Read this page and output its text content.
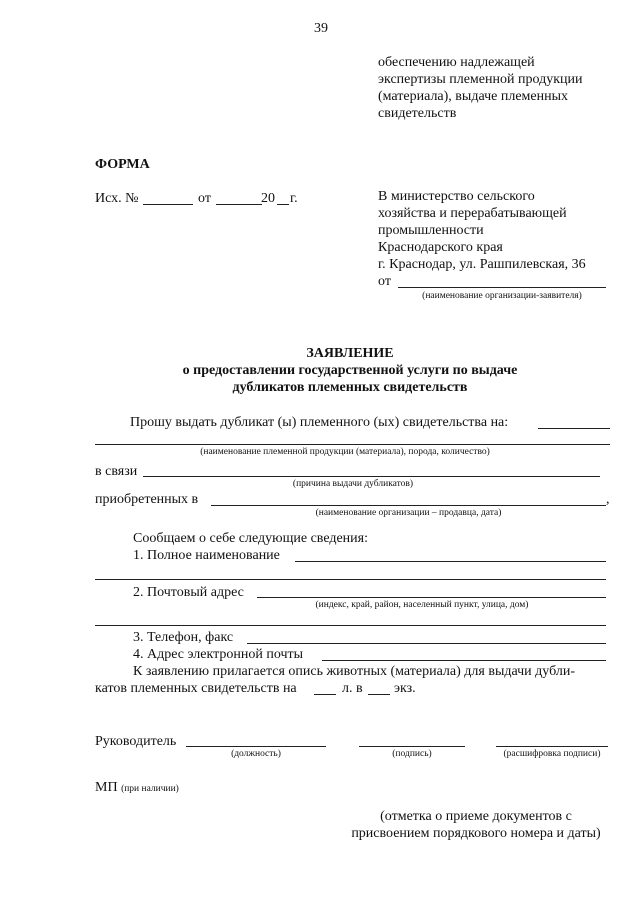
39
обеспечению надлежащей
экспертизы племенной продукции
(материала), выдаче племенных
свидетельств
ФОРМА
Исх. №	от	20 г.	В министерство сельского
хозяйства и перерабатывающей
промышленности
Краснодарского края
г. Краснодар, ул. Рашпилевская, 36
от
(наименование организации-заявителя)
ЗАЯВЛЕНИЕ
о предоставлении государственной услуги по выдаче
дубликатов племенных свидетельств
Прошу выдать дубликат (ы) племенного (ых) свидетельства на:
(наименование племенной продукции (материала), порода, количество)
в связи
(причина выдачи дубликатов)
приобретенных в	,
(наименование организации – продавца, дата)
Сообщаем о себе следующие сведения:
1. Полное наименование
2. Почтовый адрес
(индекс, край, район, населенный пункт, улица, дом)
3. Телефон, факс
4. Адрес электронной почты
К заявлению прилагается опись животных (материала) для выдачи дубли-
катов племенных свидетельств на	л. в экз.
Руководитель
(должность)	(подпись)	(расшифровка подписи)
МП (при наличии)
(отметка о приеме документов с
присвоением порядкового номера и даты)
